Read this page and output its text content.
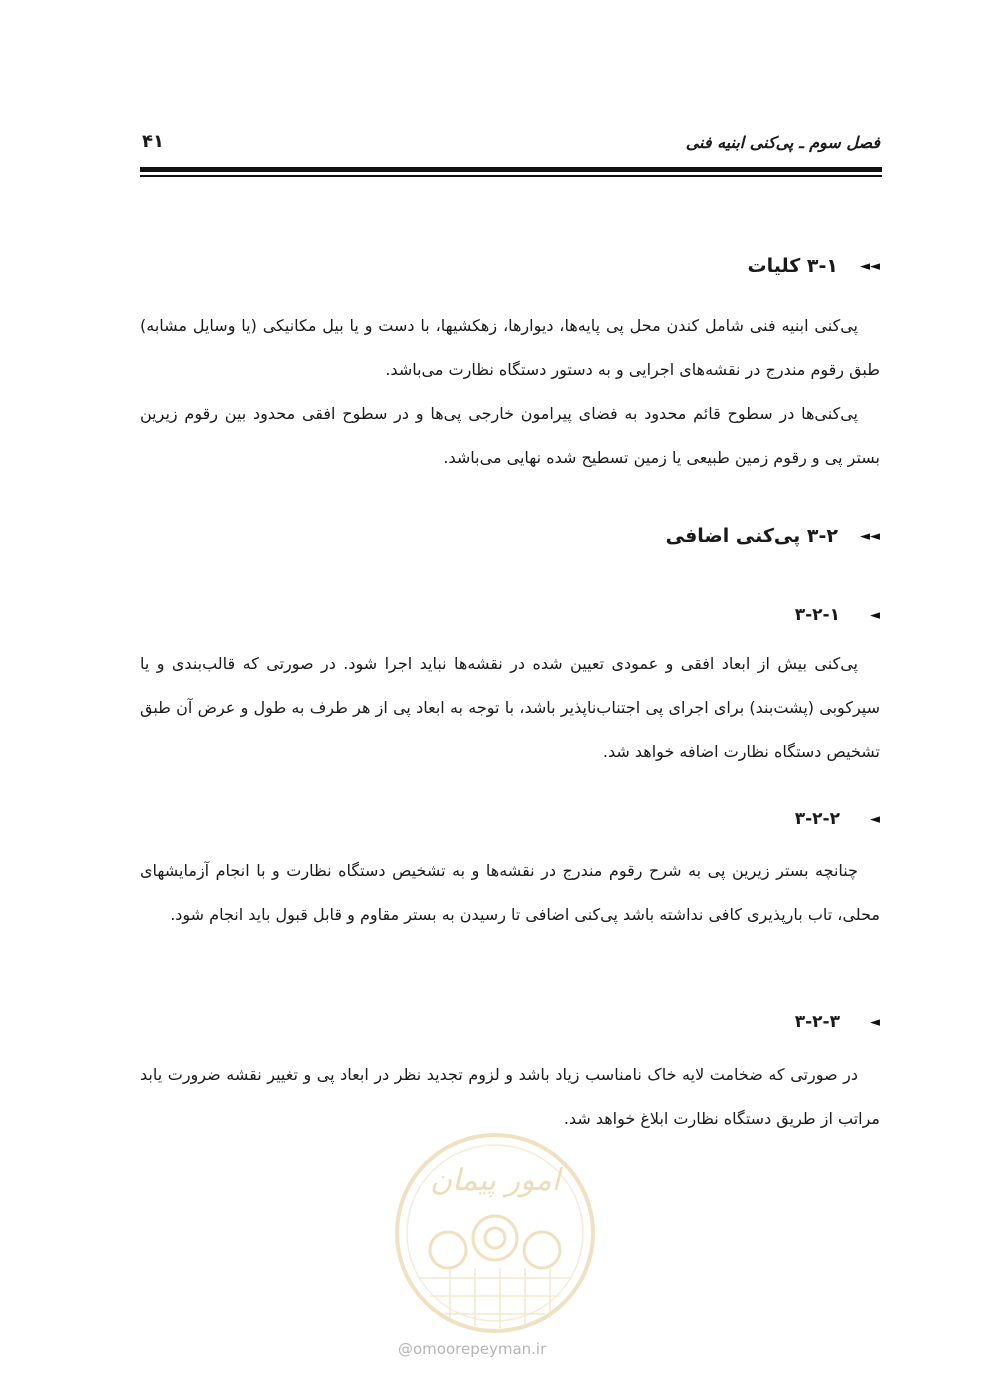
فصل سوم ـ پی‌کنی ابنیه فنی
۴۱
◄◄
۳-۱ کلیات
پی‌کنی ابنیه فنی شامل کندن محل پی پایه‌ها، دیوارها، زهکشیها، با دست و یا بیل مکانیکی (یا وسایل مشابه) طبق رقوم مندرج در نقشه‌های اجرایی و به دستور دستگاه نظارت می‌باشد.
پی‌کنی‌ها در سطوح قائم محدود به فضای پیرامون خارجی پی‌ها و در سطوح افقی محدود بین رقوم زیرین بستر پی و رقوم زمین طبیعی یا زمین تسطیح شده نهایی می‌باشد.
◄◄
۳-۲ پی‌کنی اضافی
◄
۳-۲-۱
پی‌کنی بیش از ابعاد افقی و عمودی تعیین شده در نقشه‌ها نباید اجرا شود. در صورتی که قالب‌بندی و یا سپرکوبی (پشت‌بند) برای اجرای پی اجتناب‌ناپذیر باشد، با توجه به ابعاد پی از هر طرف به طول و عرض آن طبق تشخیص دستگاه نظارت اضافه خواهد شد.
◄
۳-۲-۲
چنانچه بستر زیرین پی به شرح رقوم مندرج در نقشه‌ها و به تشخیص دستگاه نظارت و با انجام آزمایشهای محلی، تاب بارپذیری کافی نداشته باشد پی‌کنی اضافی تا رسیدن به بستر مقاوم و قابل قبول باید انجام شود.
◄
۳-۲-۳
در صورتی که ضخامت لایه خاک نامناسب زیاد باشد و لزوم تجدید نظر در ابعاد پی و تغییر نقشه ضرورت یابد مراتب از طریق دستگاه نظارت ابلاغ خواهد شد.
امور پیمان
@omoorepeyman.ir
